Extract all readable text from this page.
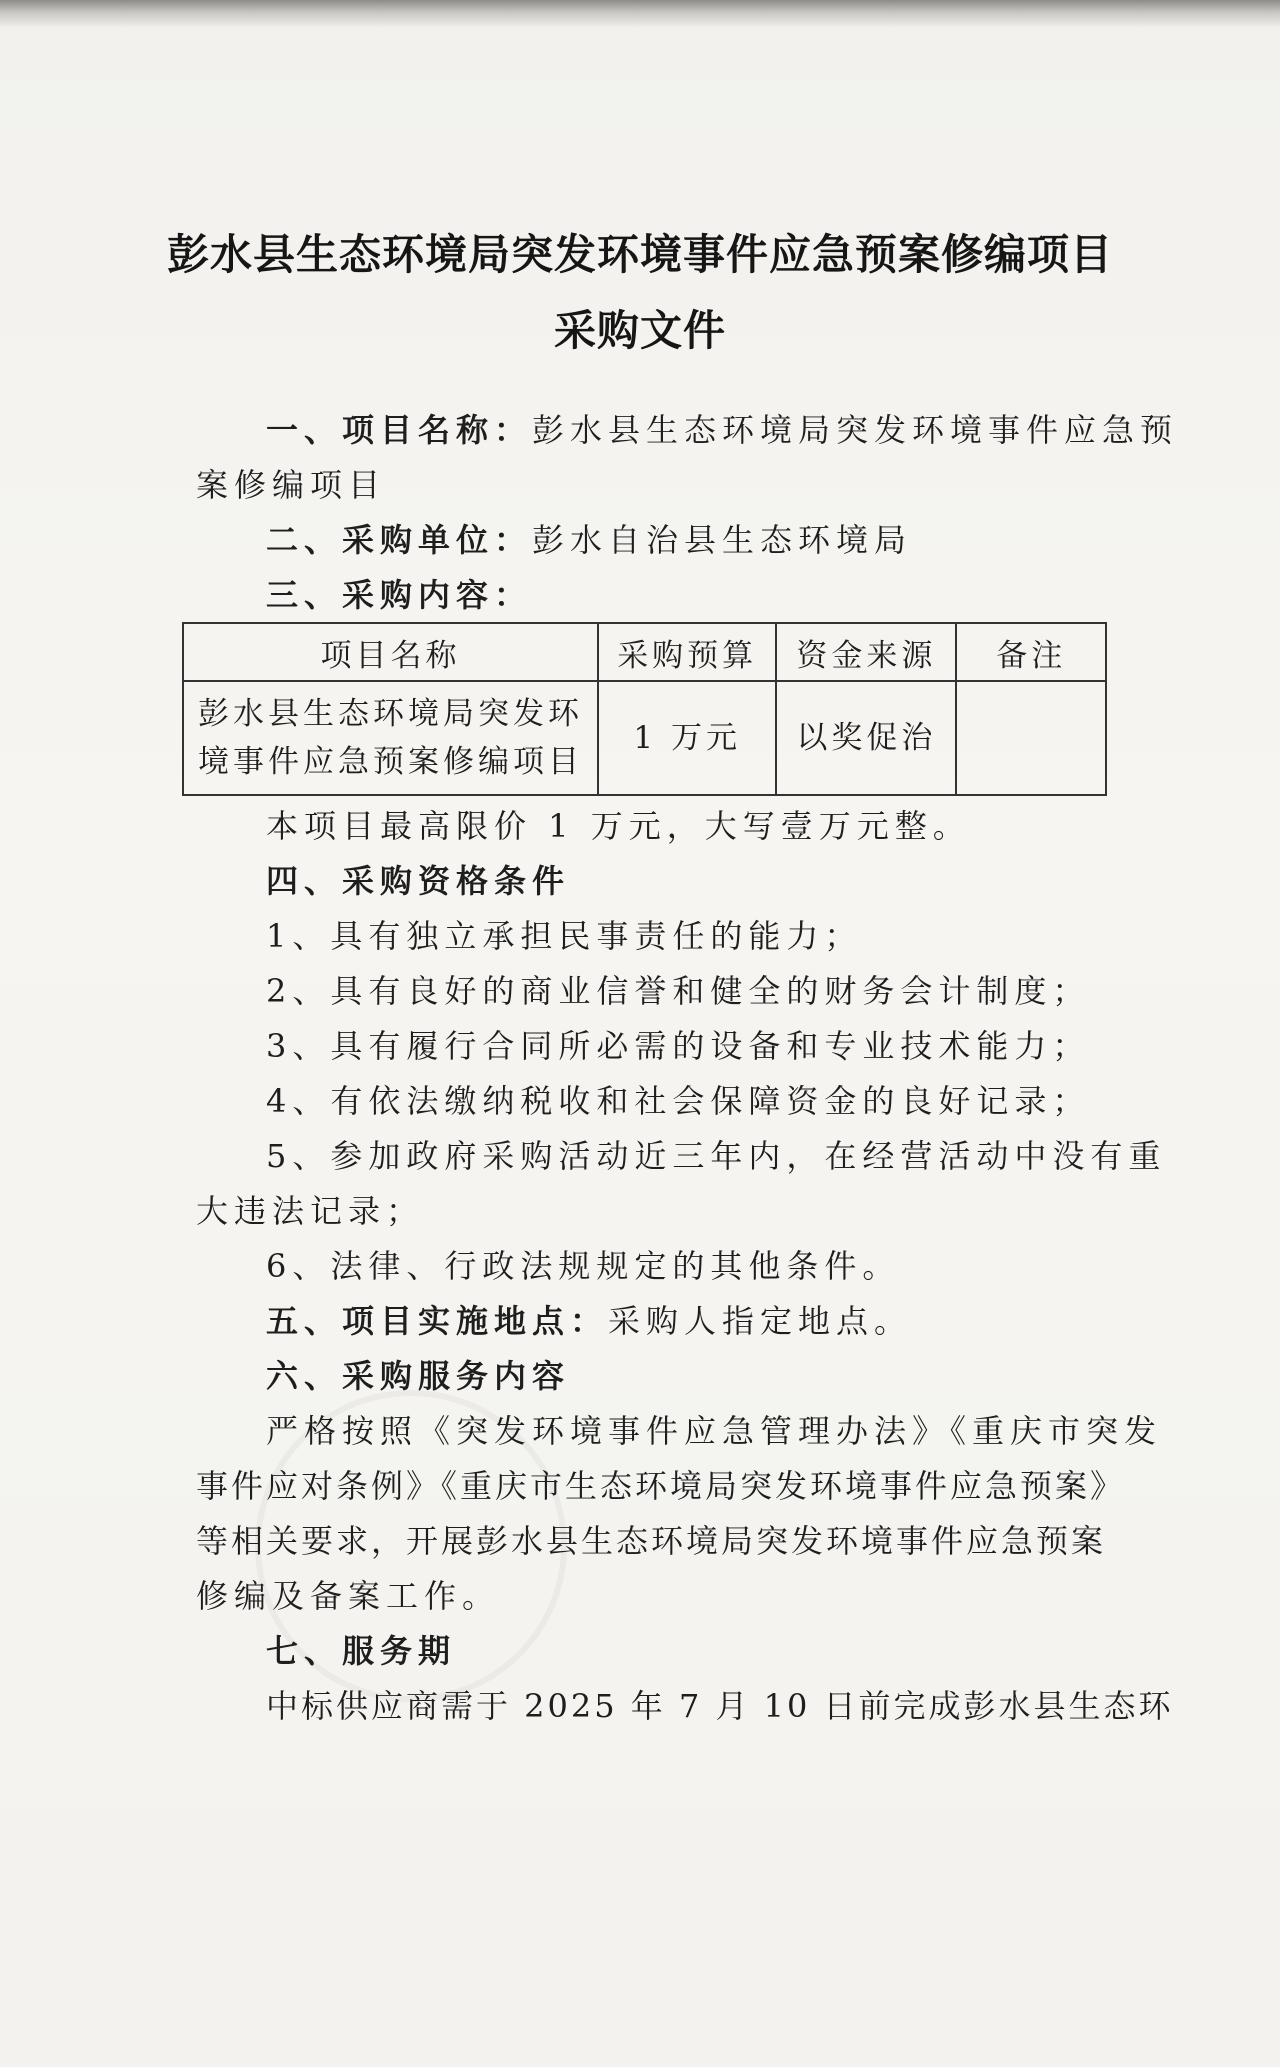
彭水县生态环境局突发环境事件应急预案修编项目
采购文件
一、项目名称：彭水县生态环境局突发环境事件应急预
案修编项目
二、采购单位：彭水自治县生态环境局
三、采购内容：
项目名称	采购预算	资金来源	备注

彭水县生态环境局突发环
境事件应急预案修编项目	1 万元	以奖促治	
本项目最高限价 1 万元，大写壹万元整。
四、采购资格条件
1、具有独立承担民事责任的能力；
2、具有良好的商业信誉和健全的财务会计制度；
3、具有履行合同所必需的设备和专业技术能力；
4、有依法缴纳税收和社会保障资金的良好记录；
5、参加政府采购活动近三年内，在经营活动中没有重
大违法记录；
6、法律、行政法规规定的其他条件。
五、项目实施地点：采购人指定地点。
六、采购服务内容
严格按照《突发环境事件应急管理办法》《重庆市突发
事件应对条例》《重庆市生态环境局突发环境事件应急预案》
等相关要求，开展彭水县生态环境局突发环境事件应急预案
修编及备案工作。
七、服务期
中标供应商需于 2025 年 7 月 10 日前完成彭水县生态环
